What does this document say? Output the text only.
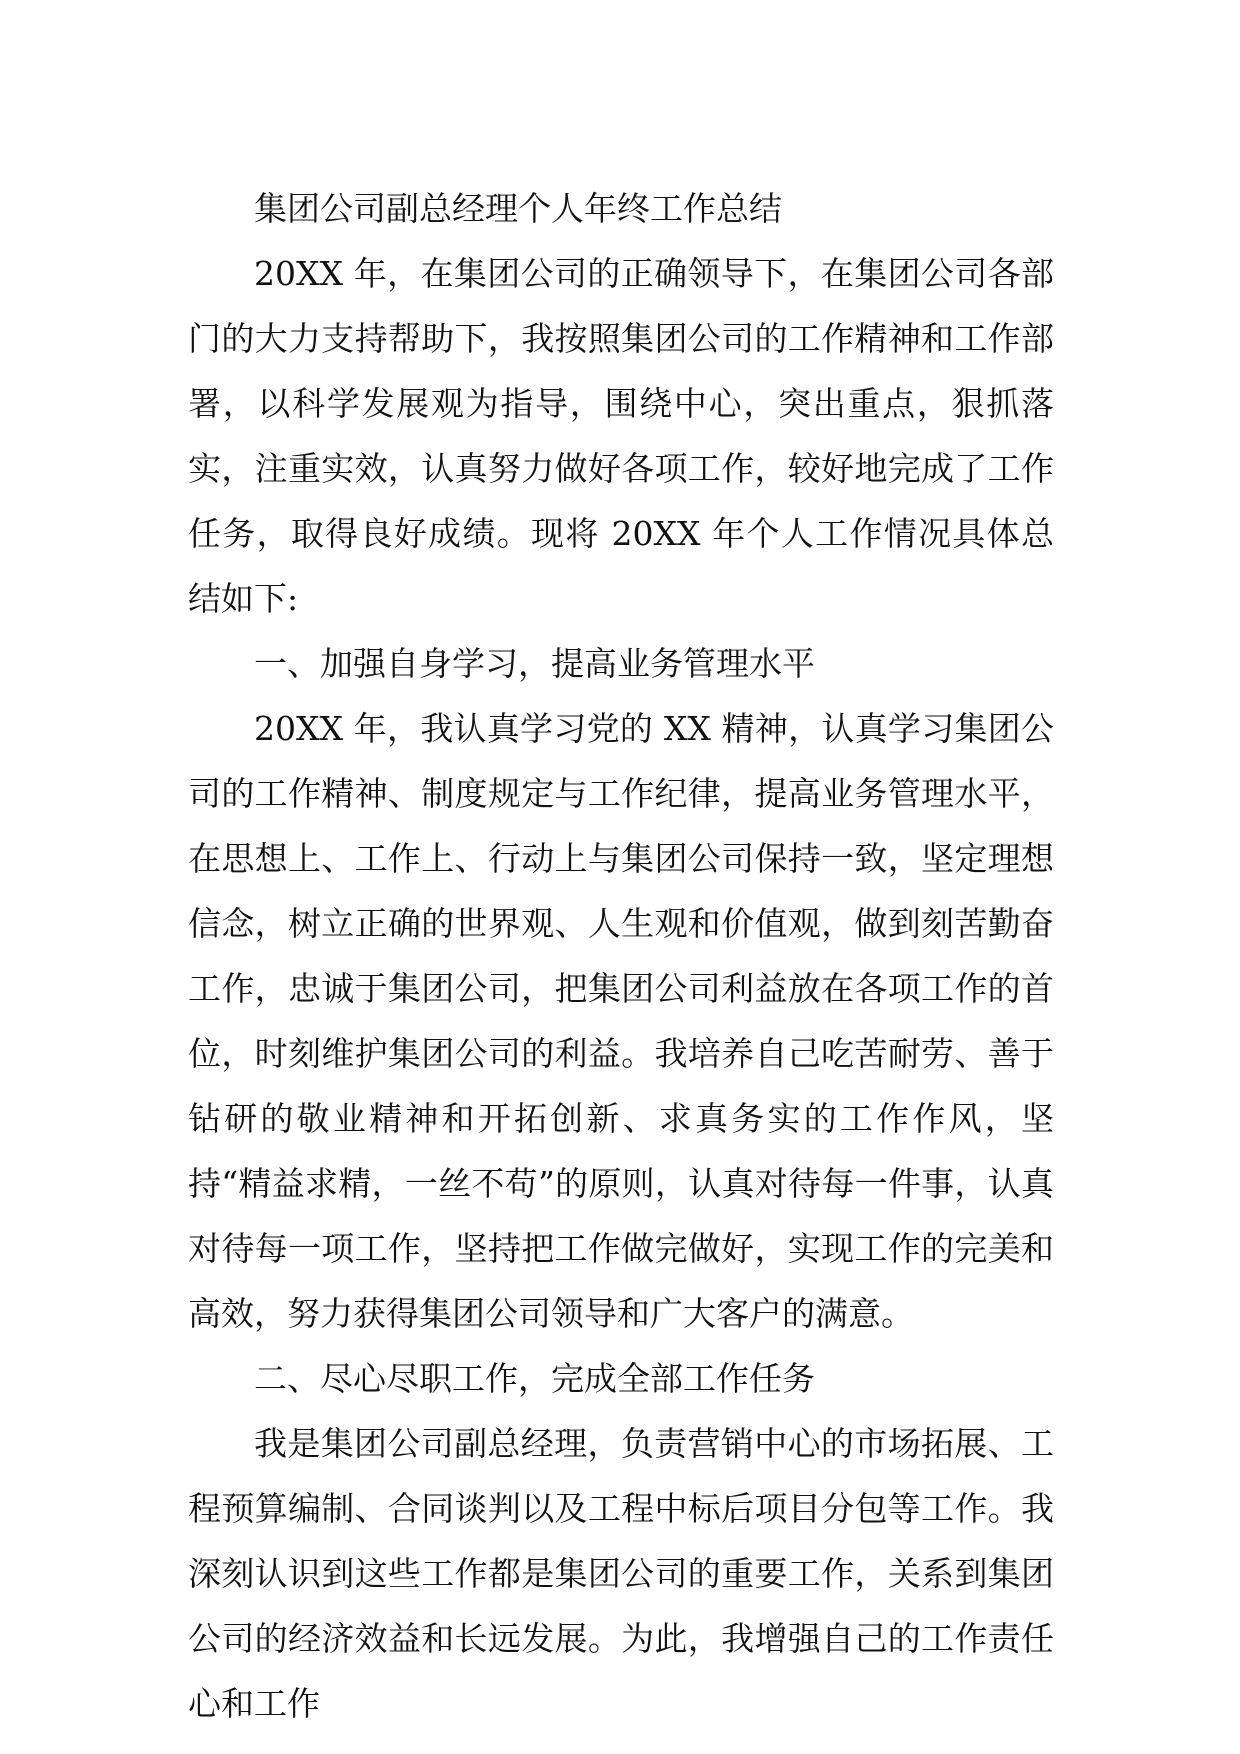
集团公司副总经理个人年终工作总结

20XX 年，在集团公司的正确领导下，在集团公司各部门的大力支持帮助下，我按照集团公司的工作精神和工作部署，以科学发展观为指导，围绕中心，突出重点，狠抓落实，注重实效，认真努力做好各项工作，较好地完成了工作任务，取得良好成绩。现将 20XX 年个人工作情况具体总结如下:

一、加强自身学习，提高业务管理水平

20XX 年，我认真学习党的 XX 精神，认真学习集团公司的工作精神、制度规定与工作纪律，提高业务管理水平，在思想上、工作上、行动上与集团公司保持一致，坚定理想信念，树立正确的世界观、人生观和价值观，做到刻苦勤奋工作，忠诚于集团公司，把集团公司利益放在各项工作的首位，时刻维护集团公司的利益。我培养自己吃苦耐劳、善于钻研的敬业精神和开拓创新、求真务实的工作作风，坚持“精益求精，一丝不苟”的原则，认真对待每一件事，认真对待每一项工作，坚持把工作做完做好，实现工作的完美和高效，努力获得集团公司领导和广大客户的满意。

二、尽心尽职工作，完成全部工作任务

我是集团公司副总经理，负责营销中心的市场拓展、工程预算编制、合同谈判以及工程中标后项目分包等工作。我深刻认识到这些工作都是集团公司的重要工作，关系到集团公司的经济效益和长远发展。为此，我增强自己的工作责任心和工作
